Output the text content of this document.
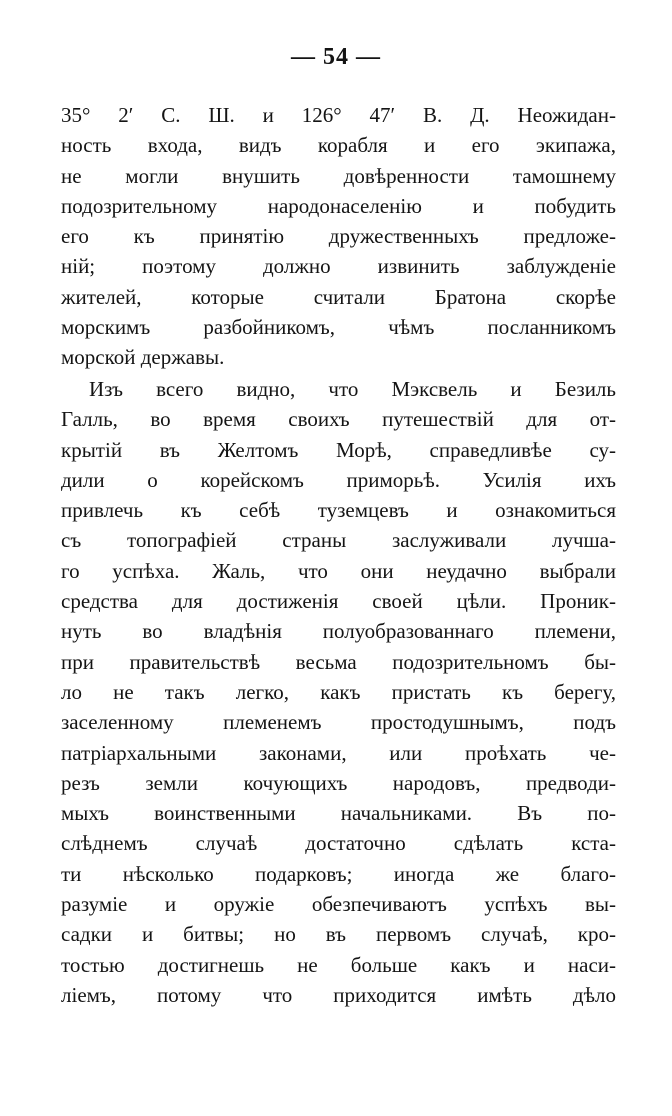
— 54 —
35° 2′ С. Ш. и 126° 47′ В. Д. Неожидан-
ность входа, видъ корабля и его экипажа,
не могли внушить довѣренности тамошнему
подозрительному народонаселенію и побудить
его къ принятію дружественныхъ предложе-
ній; поэтому должно извинить заблужденіе
жителей, которые считали Братона скорѣе
морскимъ разбойникомъ, чѣмъ посланникомъ
морской державы.
Изъ всего видно, что Мэксвель и Безиль
Галль, во время своихъ путешествій для от-
крытій въ Желтомъ Морѣ, справедливѣе су-
дили о корейскомъ приморьѣ. Усилія ихъ
привлечь къ себѣ туземцевъ и ознакомиться
съ топографіей страны заслуживали лучша-
го успѣха. Жаль, что они неудачно выбрали
средства для достиженія своей цѣли. Проник-
нуть во владѣнія полуобразованнаго племени,
при правительствѣ весьма подозрительномъ бы-
ло не такъ легко, какъ пристать къ берегу,
заселенному племенемъ простодушнымъ, подъ
патріархальными законами, или проѣхать че-
резъ земли кочующихъ народовъ, предводи-
мыхъ воинственными начальниками. Въ по-
слѣднемъ случаѣ достаточно сдѣлать кста-
ти нѣсколько подарковъ; иногда же благо-
разуміе и оружіе обезпечиваютъ успѣхъ вы-
садки и битвы; но въ первомъ случаѣ, кро-
тостью достигнешь не больше какъ и наси-
ліемъ, потому что приходится имѣть дѣло
